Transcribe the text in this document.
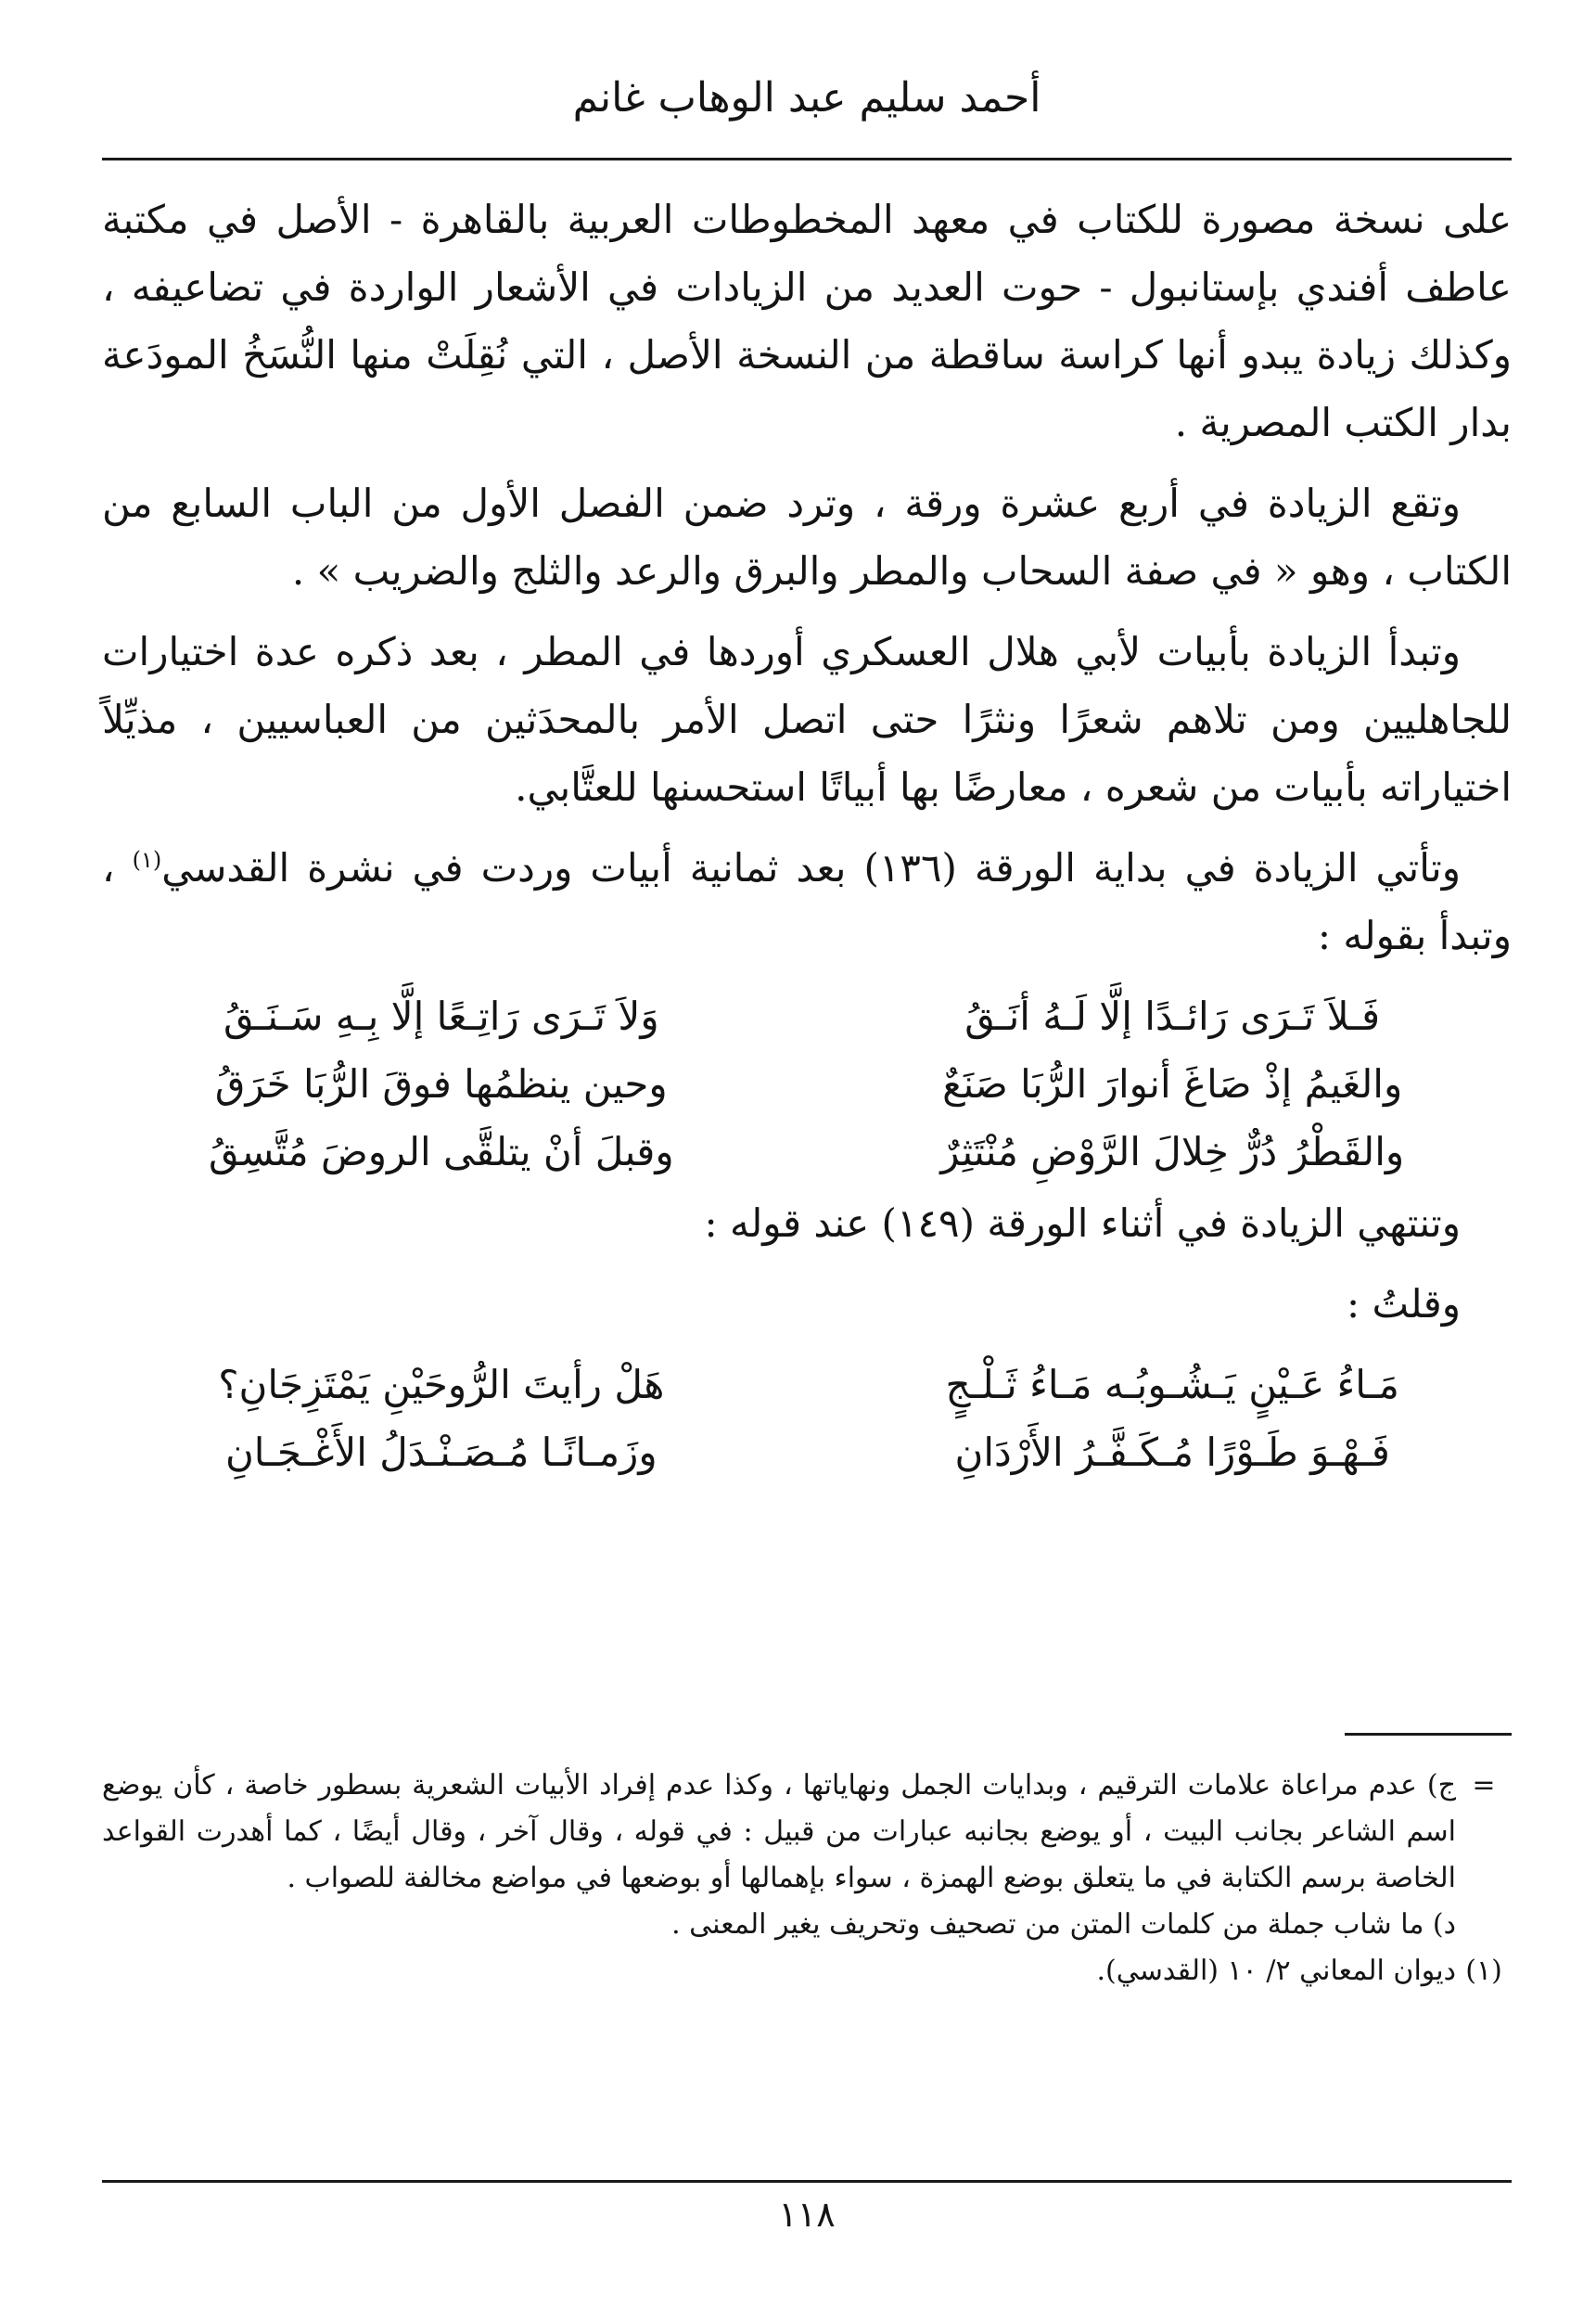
أحمد سليم عبد الوهاب غانم

على نسخة مصورة للكتاب في معهد المخطوطات العربية بالقاهرة - الأصل في مكتبة عاطف أفندي بإستانبول - حوت العديد من الزيادات في الأشعار الواردة في تضاعيفه ، وكذلك زيادة يبدو أنها كراسة ساقطة من النسخة الأصل ، التي نُقِلَتْ منها النُّسَخُ المودَعة بدار الكتب المصرية .

وتقع الزيادة في أربع عشرة ورقة ، وترد ضمن الفصل الأول من الباب السابع من الكتاب ، وهو « في صفة السحاب والمطر والبرق والرعد والثلج والضريب » .

وتبدأ الزيادة بأبيات لأبي هلال العسكري أوردها في المطر ، بعد ذكره عدة اختيارات للجاهليين ومن تلاهم شعرًا ونثرًا حتى اتصل الأمر بالمحدَثين من العباسيين ، مذيِّلاً اختياراته بأبيات من شعره ، معارضًا بها أبياتًا استحسنها للعتَّابي.

وتأتي الزيادة في بداية الورقة (١٣٦) بعد ثمانية أبيات وردت في نشرة القدسي$^{(١)}$ ، وتبدأ بقوله :

فَـلاَ تَـرَى رَائـدًا إلَّا لَـهُ أنَـقُ
وَلاَ تَـرَى رَاتِـعًا إلَّا بِـهِ سَـنَـقُ
والغَيمُ إذْ صَاغَ أنوارَ الرُّبَا صَنَعٌ
وحين ينظمُها فوقَ الرُّبَا خَرَقُ
والقَطْرُ دُرٌّ خِلالَ الرَّوْضِ مُنْتَثِرٌ
وقبلَ أنْ يتلقَّى الروضَ مُتَّسِقُ

وتنتهي الزيادة في أثناء الورقة (١٤٩) عند قوله :

وقلتُ :

مَـاءُ عَـيْنٍ يَـشُـوبُـه مَـاءُ ثَـلْـجٍ
هَلْ رأيتَ الرُّوحَيْنِ يَمْتَزِجَانِ؟
فَـهْـوَ طَـوْرًا مُـكَـفَّـرُ الأَرْدَانِ
وزَمـانًـا مُـصَـنْـدَلُ الأَغْـجَـانِ
=
ج) عدم مراعاة علامات الترقيم ، وبدايات الجمل ونهاياتها ، وكذا عدم إفراد الأبيات الشعرية بسطور خاصة ، كأن يوضع اسم الشاعر بجانب البيت ، أو يوضع بجانبه عبارات من قبيل : في قوله ، وقال آخر ، وقال أيضًا ، كما أهدرت القواعد الخاصة برسم الكتابة في ما يتعلق بوضع الهمزة ، سواء بإهمالها أو بوضعها في مواضع مخالفة للصواب .
د) ما شاب جملة من كلمات المتن من تصحيف وتحريف يغير المعنى .
(١)
ديوان المعاني ٢/ ١٠ (القدسي).
١١٨
